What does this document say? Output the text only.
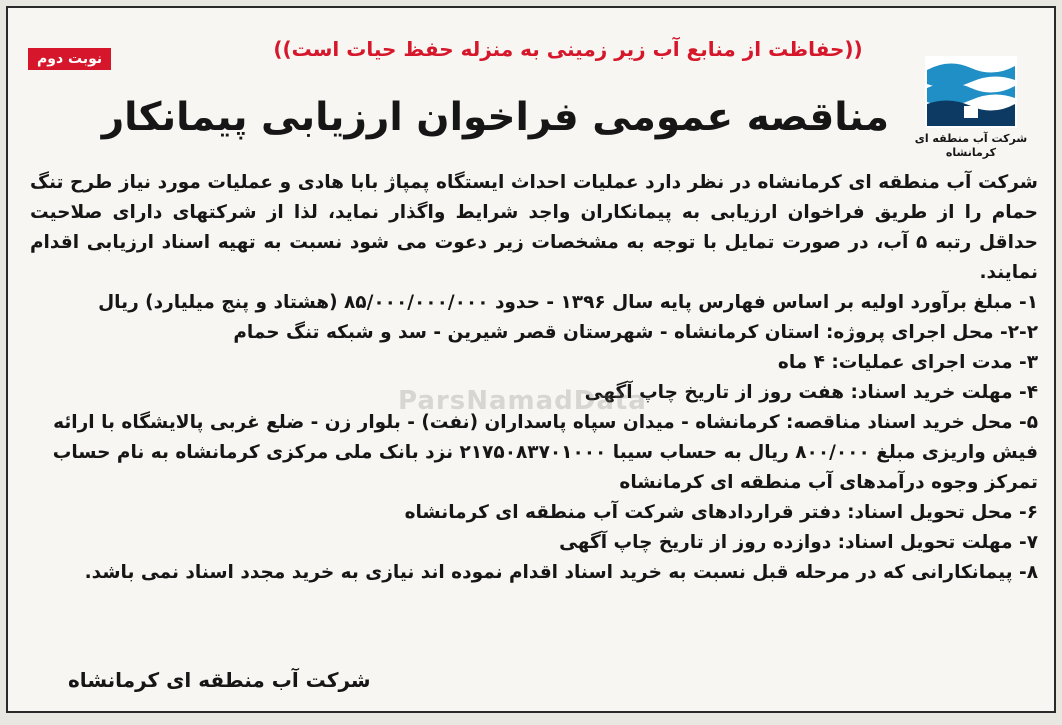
نوبت دوم	((حفاظت از منابع آب زیر زمینی به منزله حفظ حیات است))
شرکت آب منطقه ای کرمانشاه
مناقصه عمومی فراخوان ارزیابی پیمانکار
شرکت آب منطقه ای کرمانشاه در نظر دارد عملیات احداث ایستگاه پمپاژ بابا هادی و عملیات مورد نیاز طرح تنگ حمام را از طریق فراخوان ارزیابی به پیمانکاران واجد شرایط واگذار نماید، لذا از شرکتهای دارای صلاحیت حداقل رتبه ۵ آب، در صورت تمایل با توجه به مشخصات زیر دعوت می شود نسبت به تهیه اسناد ارزیابی اقدام نمایند.
۱- مبلغ برآورد اولیه بر اساس فهارس پایه سال ۱۳۹۶ - حدود ۸۵/۰۰۰/۰۰۰/۰۰۰ (هشتاد و پنج میلیارد) ریال
۲-۲- محل اجرای پروژه: استان کرمانشاه - شهرستان قصر شیرین - سد و شبکه تنگ حمام
۳- مدت اجرای عملیات: ۴ ماه
۴- مهلت خرید اسناد: هفت روز از تاریخ چاپ آگهی
۵- محل خرید اسناد مناقصه: کرمانشاه - میدان سپاه پاسداران (نفت) - بلوار زن - ضلع غربی پالایشگاه با ارائه فیش واریزی مبلغ ۸۰۰/۰۰۰ ریال به حساب سیبا ۲۱۷۵۰۸۳۷۰۱۰۰۰ نزد بانک ملی مرکزی کرمانشاه به نام حساب تمرکز وجوه درآمدهای آب منطقه ای کرمانشاه
۶- محل تحویل اسناد: دفتر قراردادهای شرکت آب منطقه ای کرمانشاه
۷- مهلت تحویل اسناد: دوازده روز از تاریخ چاپ آگهی
۸- پیمانکارانی که در مرحله قبل نسبت به خرید اسناد اقدام نموده اند نیازی به خرید مجدد اسناد نمی باشد.
ParsNamadData
شرکت آب منطقه ای کرمانشاه
